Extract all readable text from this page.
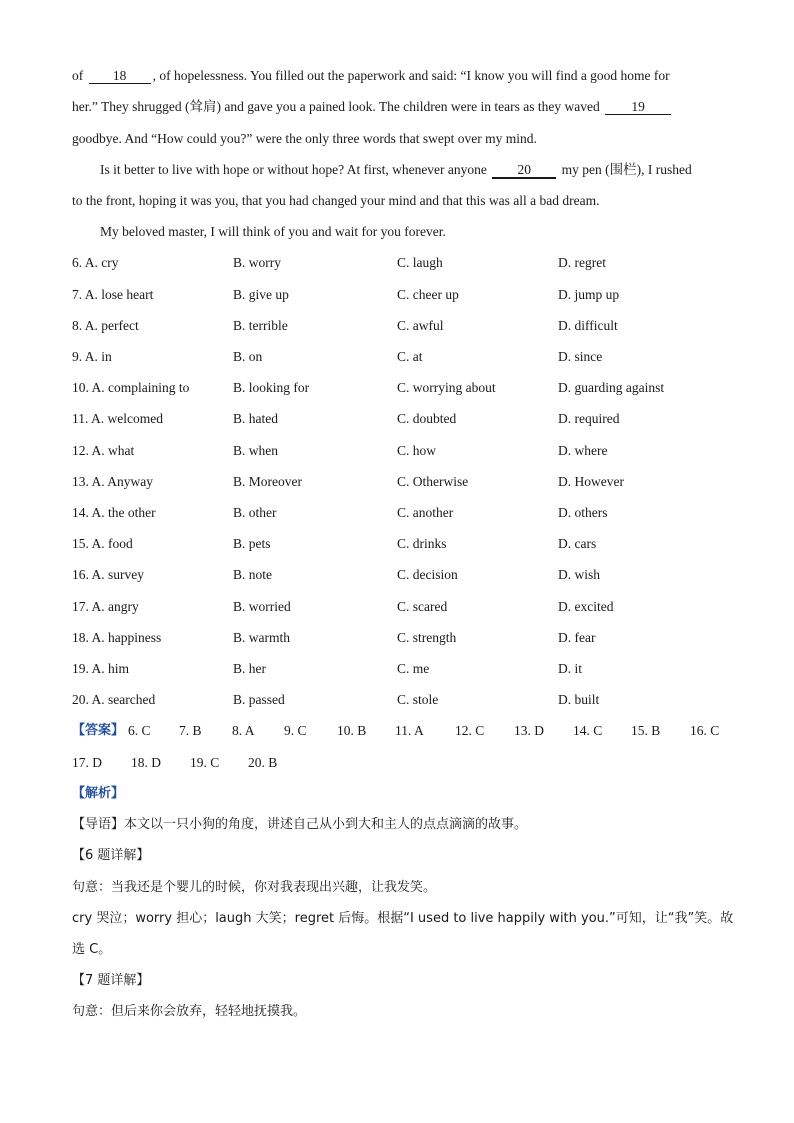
of 18 , of hopelessness. You filled out the paperwork and said: “I know you will find a good home for
her.” They shrugged (耸肩) and gave you a pained look. The children were in tears as they waved 19
goodbye. And “How could you?” were the only three words that swept over my mind.
Is it better to live with hope or without hope? At first, whenever anyone 20 my pen (围栏), I rushed
to the front, hoping it was you, that you had changed your mind and that this was all a bad dream.
My beloved master, I will think of you and wait for you forever.
6. A. cry	B. worry	C. laugh	D. regret
7. A. lose heart	B. give up	C. cheer up	D. jump up
8. A. perfect	B. terrible	C. awful	D. difficult
9. A. in	B. on	C. at	D. since
10. A. complaining to	B. looking for	C. worrying about	D. guarding against
11. A. welcomed	B. hated	C. doubted	D. required
12. A. what	B. when	C. how	D. where
13. A. Anyway	B. Moreover	C. Otherwise	D. However
14. A. the other	B. other	C. another	D. others
15. A. food	B. pets	C. drinks	D. cars
16. A. survey	B. note	C. decision	D. wish
17. A. angry	B. worried	C. scared	D. excited
18. A. happiness	B. warmth	C. strength	D. fear
19. A. him	B. her	C. me	D. it
20. A. searched	B. passed	C. stole	D. built
【答案】 6. C 7. B 8. A 9. C 10. B 11. A 12. C 13. D 14. C 15. B 16. C
17. D 18. D 19. C 20. B
【解析】
【导语】本文以一只小狗的角度，讲述自己从小到大和主人的点点滴滴的故事。
【6 题详解】
句意：当我还是个婴儿的时候，你对我表现出兴趣，让我发笑。
cry 哭泣；worry 担心；laugh 大笑；regret 后悔。根据“I used to live happily with you.”可知，让“我”笑。故
选 C。
【7 题详解】
句意：但后来你会放弃，轻轻地抚摸我。
